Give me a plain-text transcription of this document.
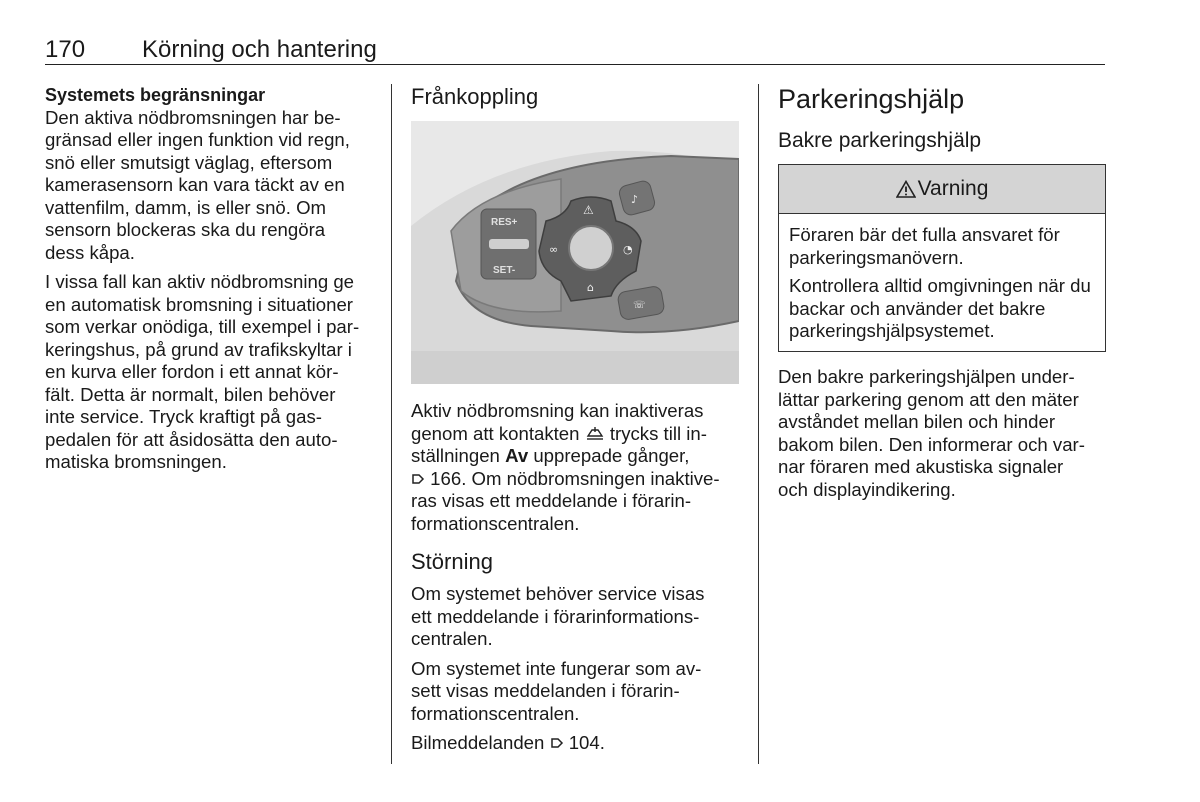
170 Körning och hantering
Systemets begränsningar

Den aktiva nödbromsningen har be-
gränsad eller ingen funktion vid regn,
snö eller smutsigt väglag, eftersom
kamerasensorn kan vara täckt av en
vattenfilm, damm, is eller snö. Om
sensorn blockeras ska du rengöra
dess kåpa.

I vissa fall kan aktiv nödbromsning ge
en automatisk bromsning i situationer
som verkar onödiga, till exempel i par-
keringshus, på grund av trafikskyltar i
en kurva eller fordon i ett annat kör-
fält. Detta är normalt, bilen behöver
inte service. Tryck kraftigt på gas-
pedalen för att åsidosätta den auto-
matiska bromsningen.

Frånkoppling
RES+
SET-
⚠
∞	◔
⌂
♪
☏

Aktiv nödbromsning kan inaktiveras
genom att kontakten trycks till in-
ställningen Av upprepade gånger,
166. Om nödbromsningen inaktive-
ras visas ett meddelande i förarin-
formationscentralen.

Störning

Om systemet behöver service visas
ett meddelande i förarinformations-
centralen.

Om systemet inte fungerar som av-
sett visas meddelanden i förarin-
formationscentralen.

Bilmeddelanden 104.

Parkeringshjälp
Bakre parkeringshjälp
Varning

Föraren bär det fulla ansvaret för parkeringsmanövern.

Kontrollera alltid omgivningen när du backar och använder det bakre parkeringshjälpsystemet.

Den bakre parkeringshjälpen under-
lättar parkering genom att den mäter
avståndet mellan bilen och hinder
bakom bilen. Den informerar och var-
nar föraren med akustiska signaler
och displayindikering.
